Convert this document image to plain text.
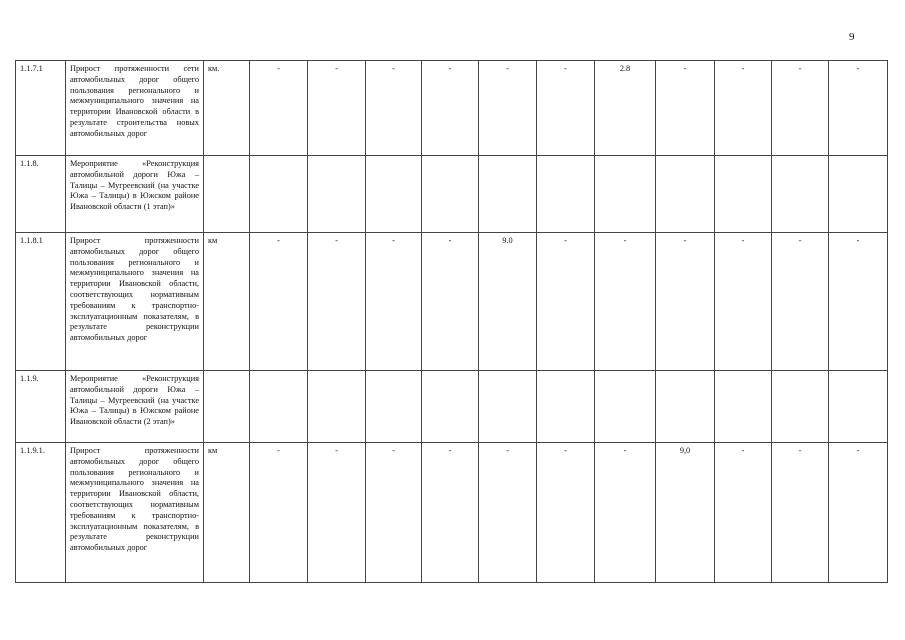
9
1.1.7.1	Прирост протяженности сети автомобильных дорог общего пользования регионального и межмуниципального значения на территории Ивановской области в результате строительства новых автомобильных дорог	км.	-	-	-	-	-	-	2.8	-	-	-	-
1.1.8.	Мероприятие «Реконструкция автомобильной дороги Южа – Талицы – Мугреевский (на участке Южа – Талицы) в Южском районе Ивановской области (1 этап)»												
1.1.8.1	Прирост протяженности автомобильных дорог общего пользования регионального и межмуниципального значения на территории Ивановской области, соответствующих нормативным требованиям к транспортно-эксплуатационным показателям, в результате реконструкции автомобильных дорог	км	-	-	-	-	9.0	-	-	-	-	-	-
1.1.9.	Мероприятие «Реконструкция автомобильной дороги Южа – Талицы – Мугреевский (на участке Южа – Талицы) в Южском районе Ивановской области (2 этап)»												
1.1.9.1.	Прирост протяженности автомобильных дорог общего пользования регионального и межмуниципального значения на территории Ивановской области, соответствующих нормативным требованиям к транспортно-эксплуатационным показателям, в результате реконструкции автомобильных дорог	км	-	-	-	-	-	-	-	9,0	-	-	-
